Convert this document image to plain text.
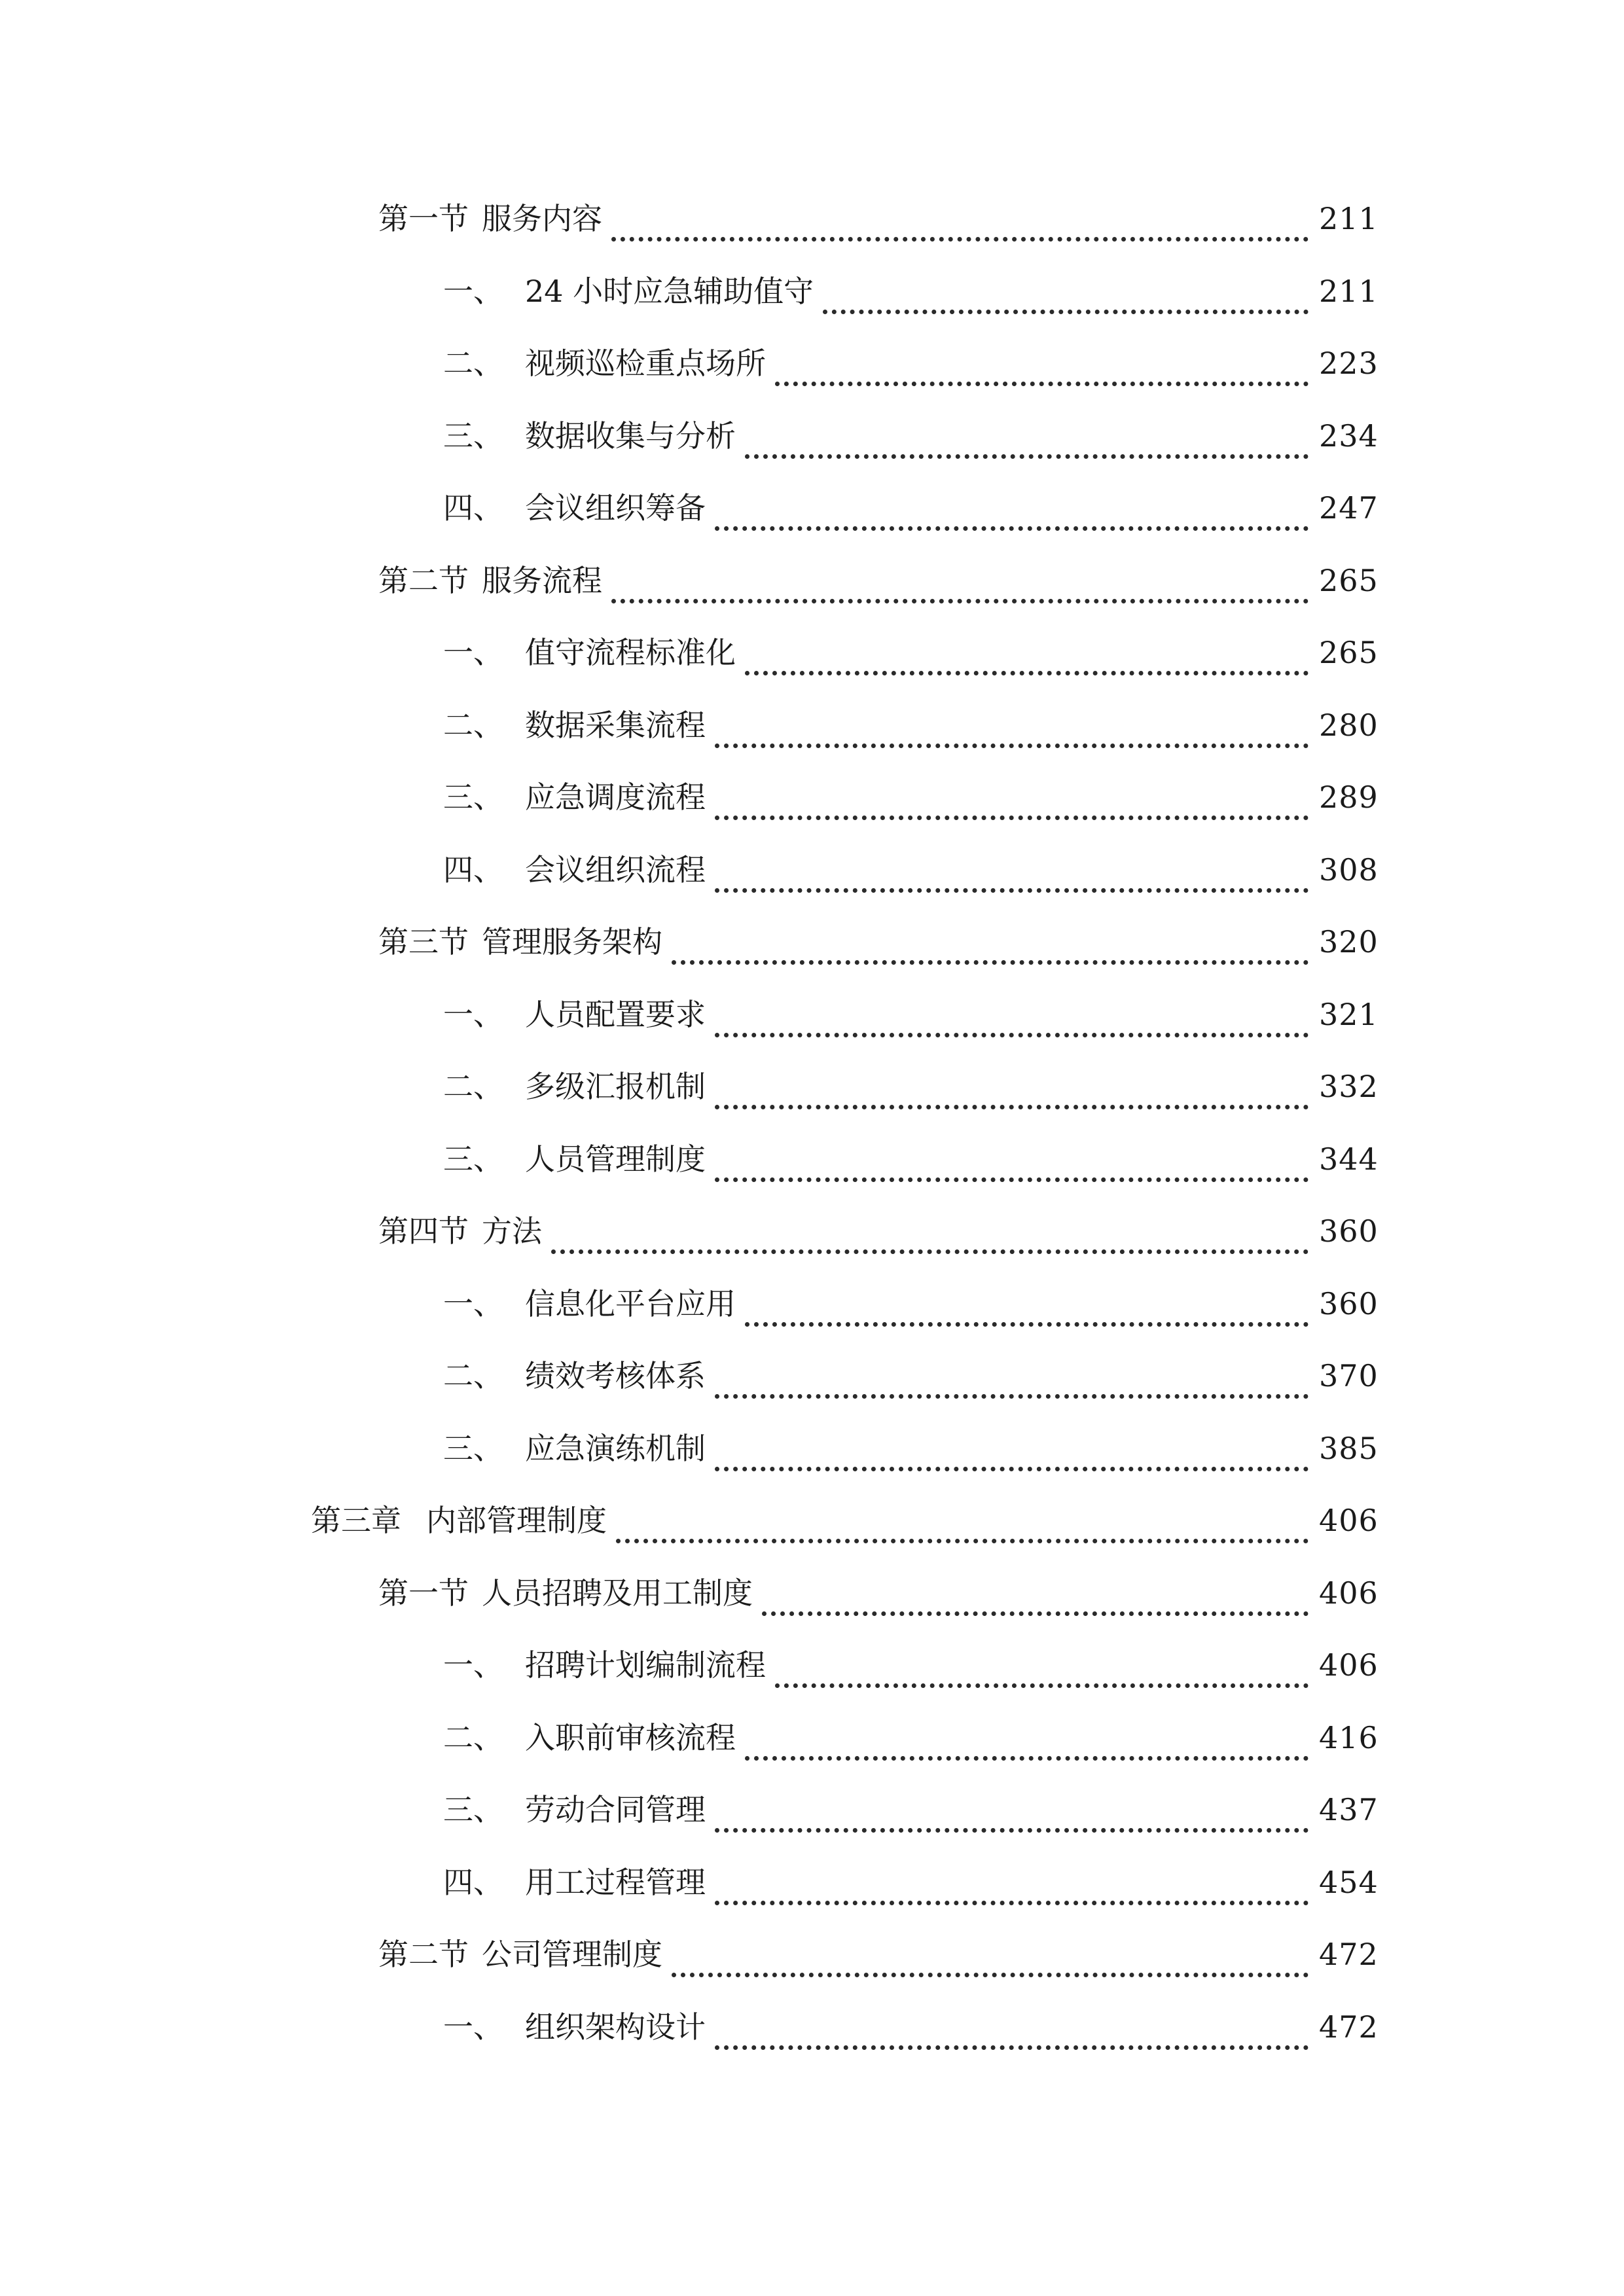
第一节 服务内容	211
一、 24 小时应急辅助值守	211
二、 视频巡检重点场所	223
三、 数据收集与分析	234
四、 会议组织筹备	247
第二节 服务流程	265
一、 值守流程标准化	265
二、 数据采集流程	280
三、 应急调度流程	289
四、 会议组织流程	308
第三节 管理服务架构	320
一、 人员配置要求	321
二、 多级汇报机制	332
三、 人员管理制度	344
第四节 方法	360
一、 信息化平台应用	360
二、 绩效考核体系	370
三、 应急演练机制	385
第三章 内部管理制度	406
第一节 人员招聘及用工制度	406
一、 招聘计划编制流程	406
二、 入职前审核流程	416
三、 劳动合同管理	437
四、 用工过程管理	454
第二节 公司管理制度	472
一、 组织架构设计	472
